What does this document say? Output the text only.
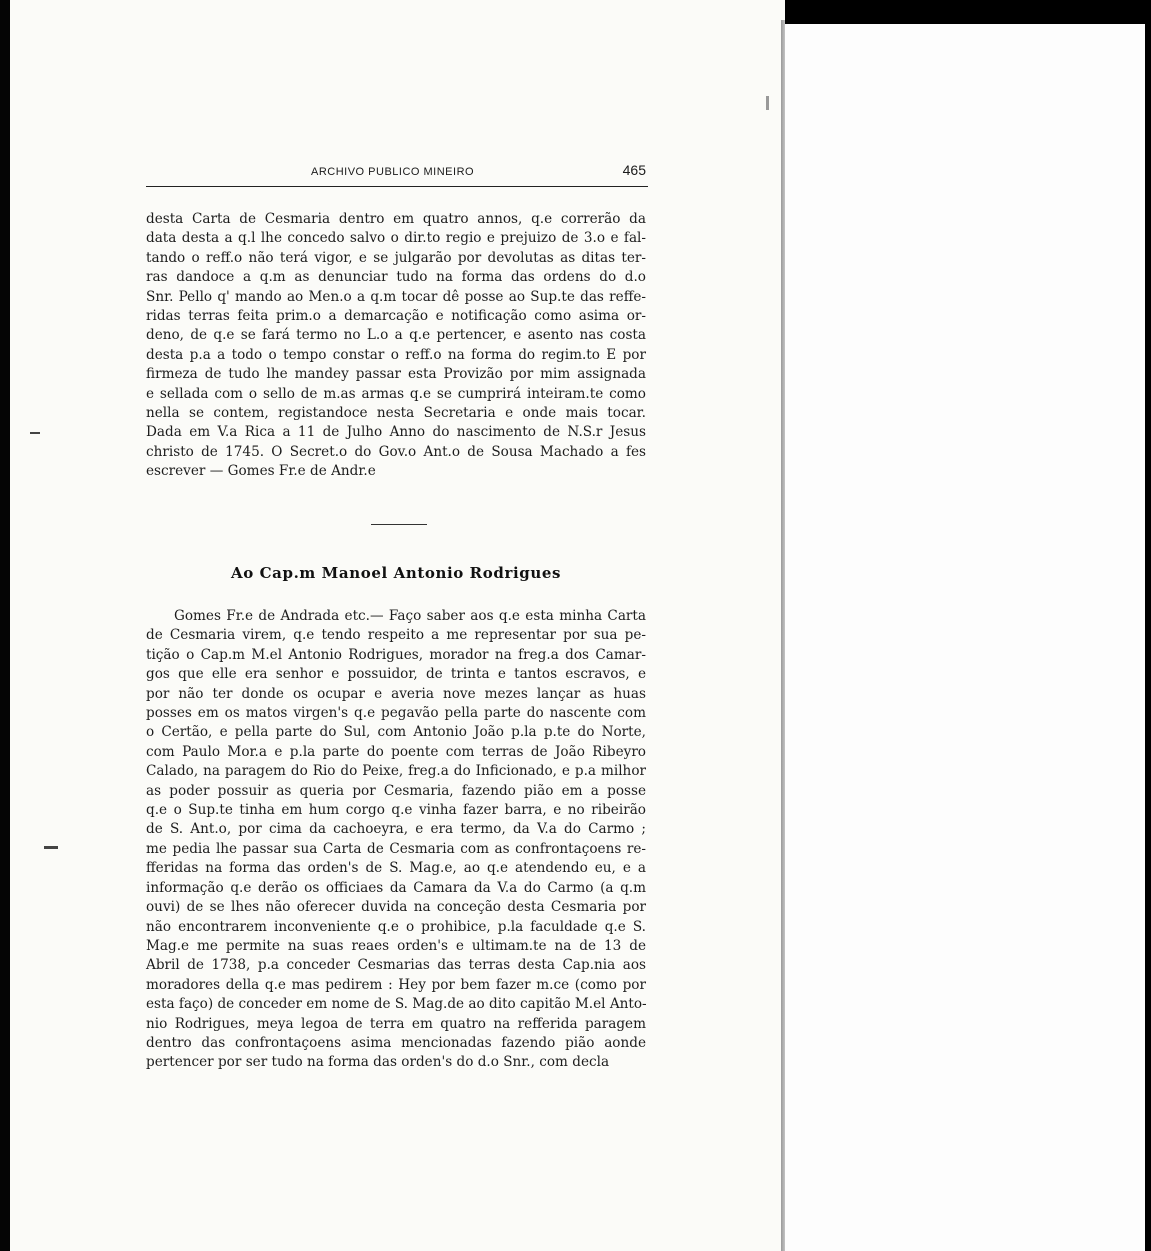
ARCHIVO PUBLICO MINEIRO	465
desta Carta de Cesmaria dentro em quatro annos, q.e correrão da
data desta a q.l lhe concedo salvo o dir.to regio e prejuizo de 3.o e fal-
tando o reff.o não terá vigor, e se julgarão por devolutas as ditas ter-
ras dandoce a q.m as denunciar tudo na forma das ordens do d.o
Snr. Pello q' mando ao Men.o a q.m tocar dê posse ao Sup.te das reffe-
ridas terras feita prim.o a demarcação e notificação como asima or-
deno, de q.e se fará termo no L.o a q.e pertencer, e asento nas costa
desta p.a a todo o tempo constar o reff.o na forma do regim.to E por
firmeza de tudo lhe mandey passar esta Provizão por mim assignada
e sellada com o sello de m.as armas q.e se cumprirá inteiram.te como
nella se contem, registandoce nesta Secretaria e onde mais tocar.
Dada em V.a Rica a 11 de Julho Anno do nascimento de N.S.r Jesus
christo de 1745. O Secret.o do Gov.o Ant.o de Sousa Machado a fes
escrever — Gomes Fr.e de Andr.e
Ao Cap.m Manoel Antonio Rodrigues
Gomes Fr.e de Andrada etc.— Faço saber aos q.e esta minha Carta
de Cesmaria virem, q.e tendo respeito a me representar por sua pe-
tição o Cap.m M.el Antonio Rodrigues, morador na freg.a dos Camar-
gos que elle era senhor e possuidor, de trinta e tantos escravos, e
por não ter donde os ocupar e averia nove mezes lançar as huas
posses em os matos virgen's q.e pegavão pella parte do nascente com
o Certão, e pella parte do Sul, com Antonio João p.la p.te do Norte,
com Paulo Mor.a e p.la parte do poente com terras de João Ribeyro
Calado, na paragem do Rio do Peixe, freg.a do Inficionado, e p.a milhor
as poder possuir as queria por Cesmaria, fazendo pião em a posse
q.e o Sup.te tinha em hum corgo q.e vinha fazer barra, e no ribeirão
de S. Ant.o, por cima da cachoeyra, e era termo, da V.a do Carmo ;
me pedia lhe passar sua Carta de Cesmaria com as confrontaçoens re-
fferidas na forma das orden's de S. Mag.e, ao q.e atendendo eu, e a
informação q.e derão os officiaes da Camara da V.a do Carmo (a q.m
ouvi) de se lhes não oferecer duvida na conceção desta Cesmaria por
não encontrarem inconveniente q.e o prohibice, p.la faculdade q.e S.
Mag.e me permite na suas reaes orden's e ultimam.te na de 13 de
Abril de 1738, p.a conceder Cesmarias das terras desta Cap.nia aos
moradores della q.e mas pedirem : Hey por bem fazer m.ce (como por
esta faço) de conceder em nome de S. Mag.de ao dito capitão M.el Anto-
nio Rodrigues, meya legoa de terra em quatro na refferida paragem
dentro das confrontaçoens asima mencionadas fazendo pião aonde
pertencer por ser tudo na forma das orden's do d.o Snr., com decla
